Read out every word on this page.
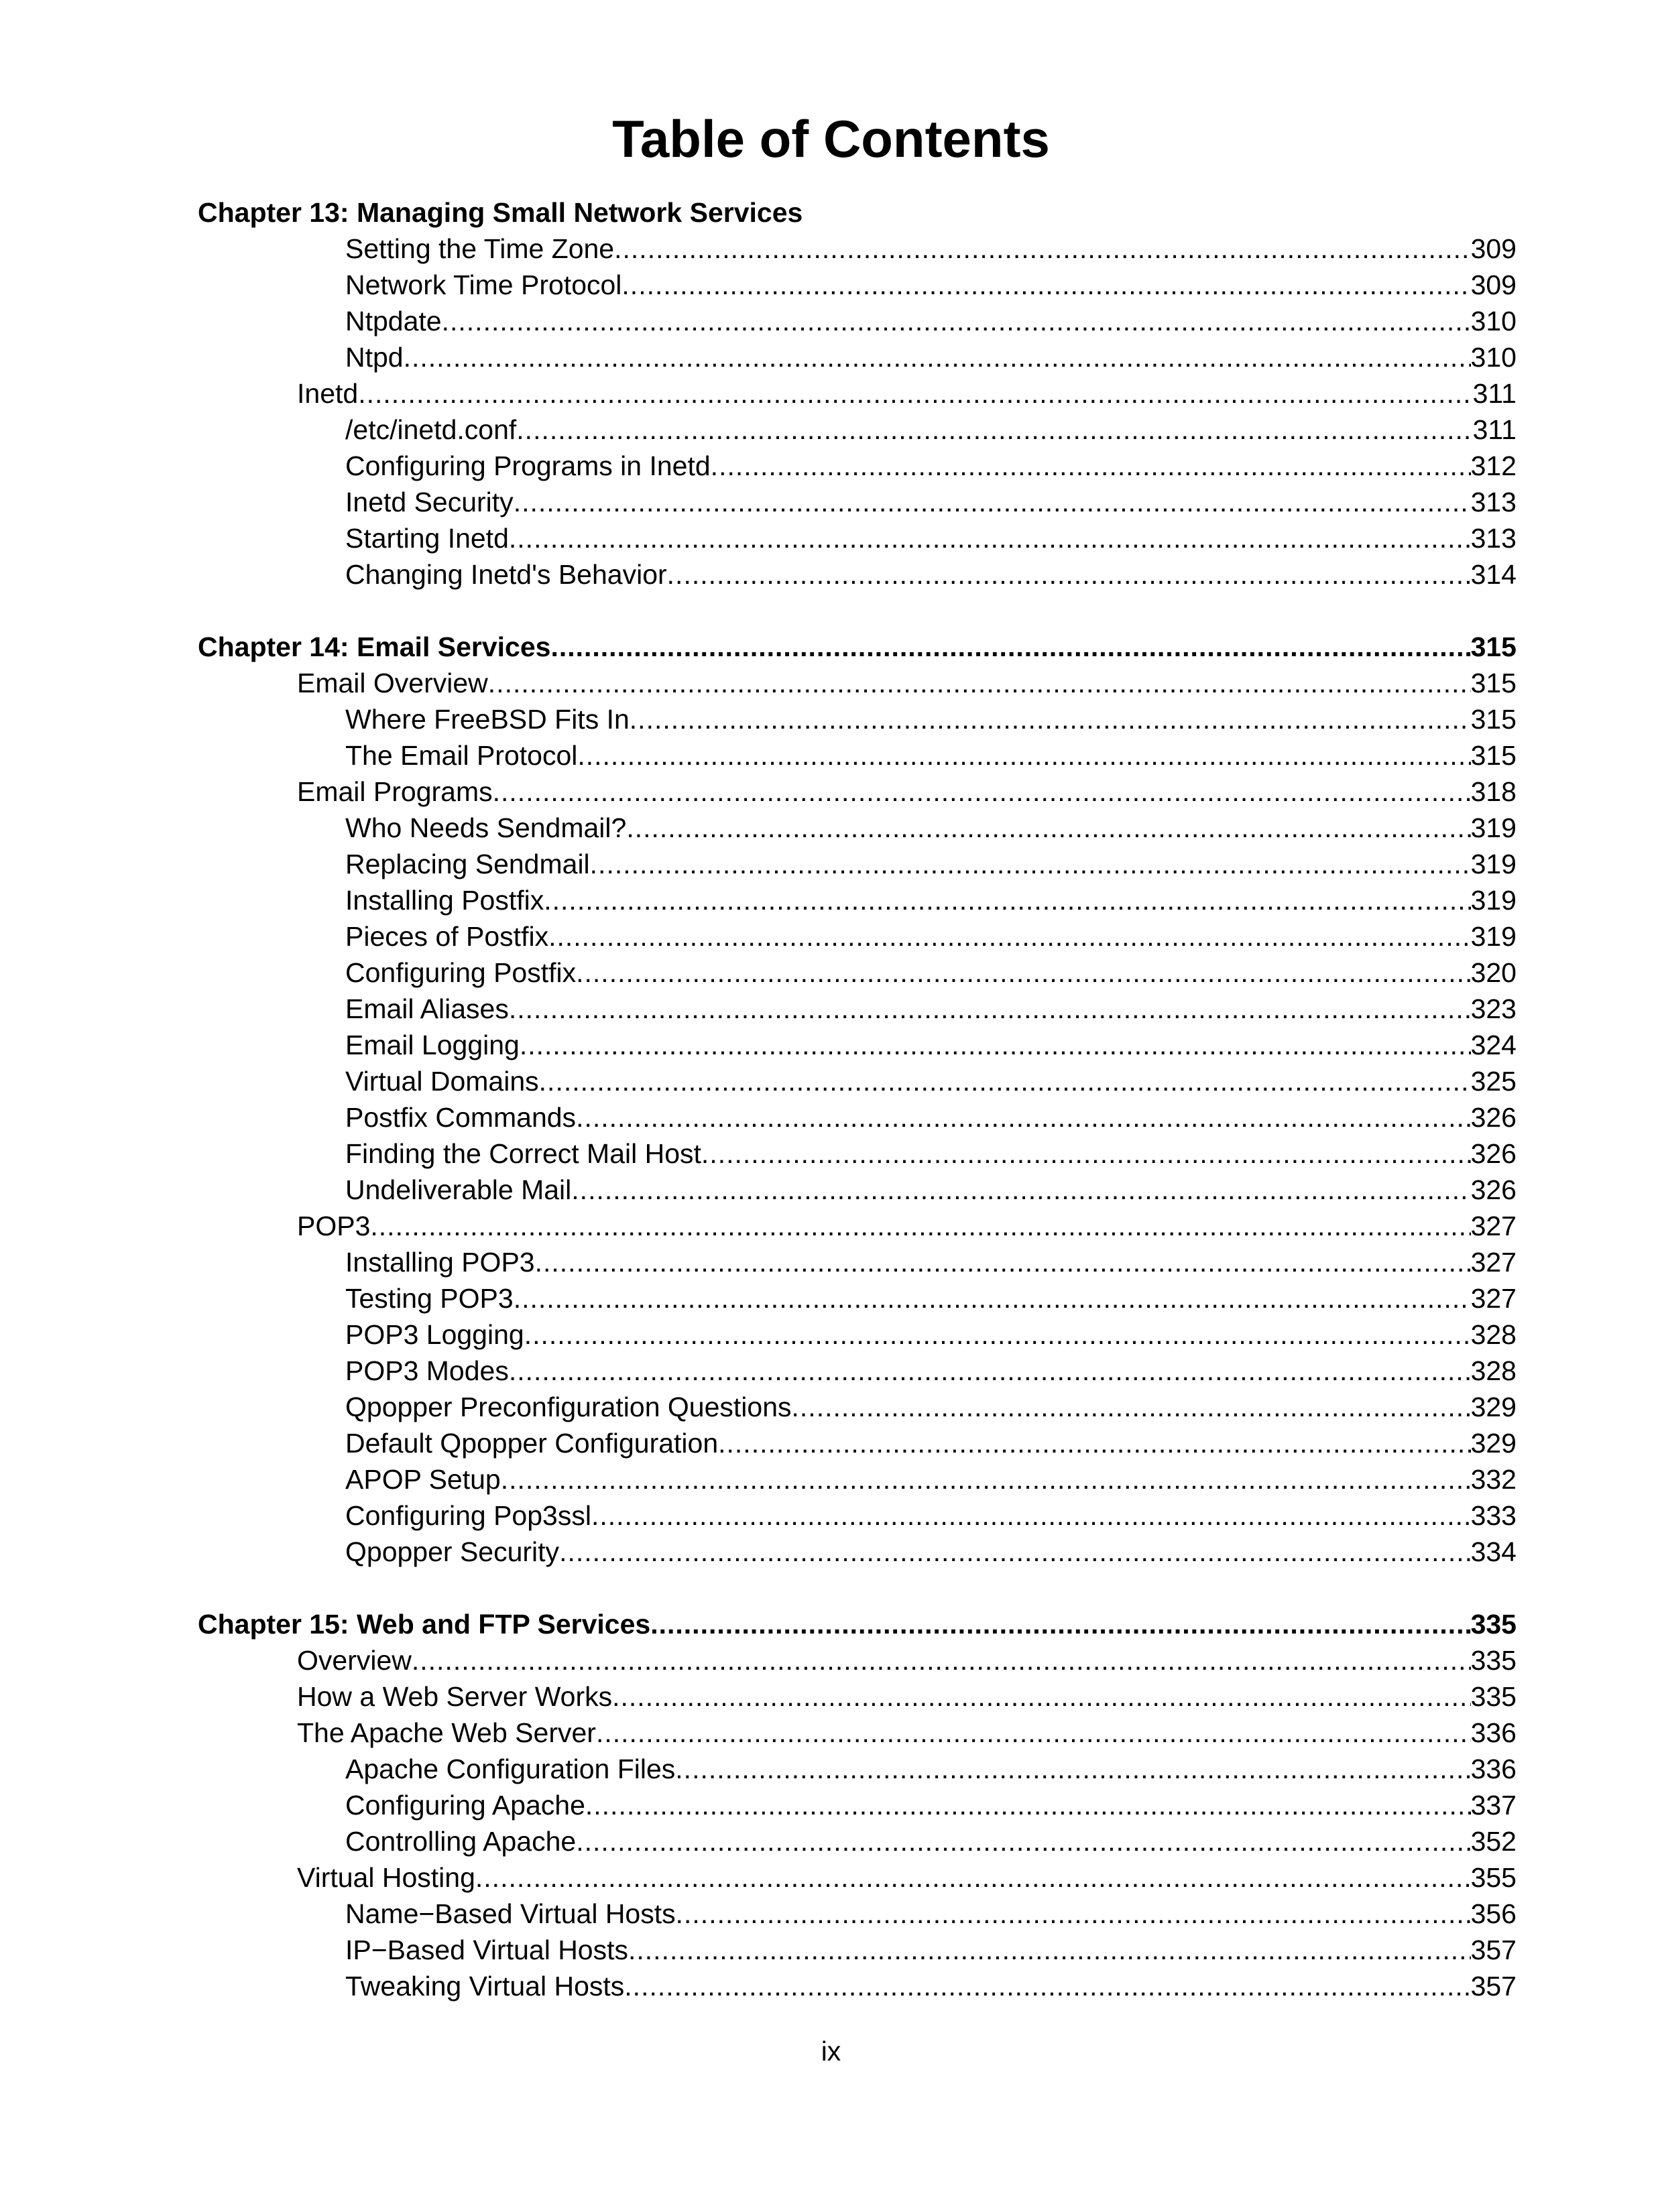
Table of Contents
Chapter 13: Managing Small Network Services
Setting the Time Zone .....	309
Network Time Protocol .....	309
Ntpdate .....	310
Ntpd .....	310
Inetd .....	311
/etc/inetd.conf .....	311
Configuring Programs in Inetd .....	312
Inetd Security .....	313
Starting Inetd .....	313
Changing Inetd's Behavior .....	314
Chapter 14: Email Services .....	315
Email Overview .....	315
Where FreeBSD Fits In .....	315
The Email Protocol .....	315
Email Programs .....	318
Who Needs Sendmail? .....	319
Replacing Sendmail .....	319
Installing Postfix .....	319
Pieces of Postfix .....	319
Configuring Postfix .....	320
Email Aliases .....	323
Email Logging .....	324
Virtual Domains .....	325
Postfix Commands .....	326
Finding the Correct Mail Host .....	326
Undeliverable Mail .....	326
POP3 .....	327
Installing POP3 .....	327
Testing POP3 .....	327
POP3 Logging .....	328
POP3 Modes .....	328
Qpopper Preconfiguration Questions .....	329
Default Qpopper Configuration .....	329
APOP Setup .....	332
Configuring Pop3ssl .....	333
Qpopper Security .....	334
Chapter 15: Web and FTP Services .....	335
Overview .....	335
How a Web Server Works .....	335
The Apache Web Server .....	336
Apache Configuration Files .....	336
Configuring Apache .....	337
Controlling Apache .....	352
Virtual Hosting .....	355
Name−Based Virtual Hosts .....	356
IP−Based Virtual Hosts .....	357
Tweaking Virtual Hosts .....	357
ix
